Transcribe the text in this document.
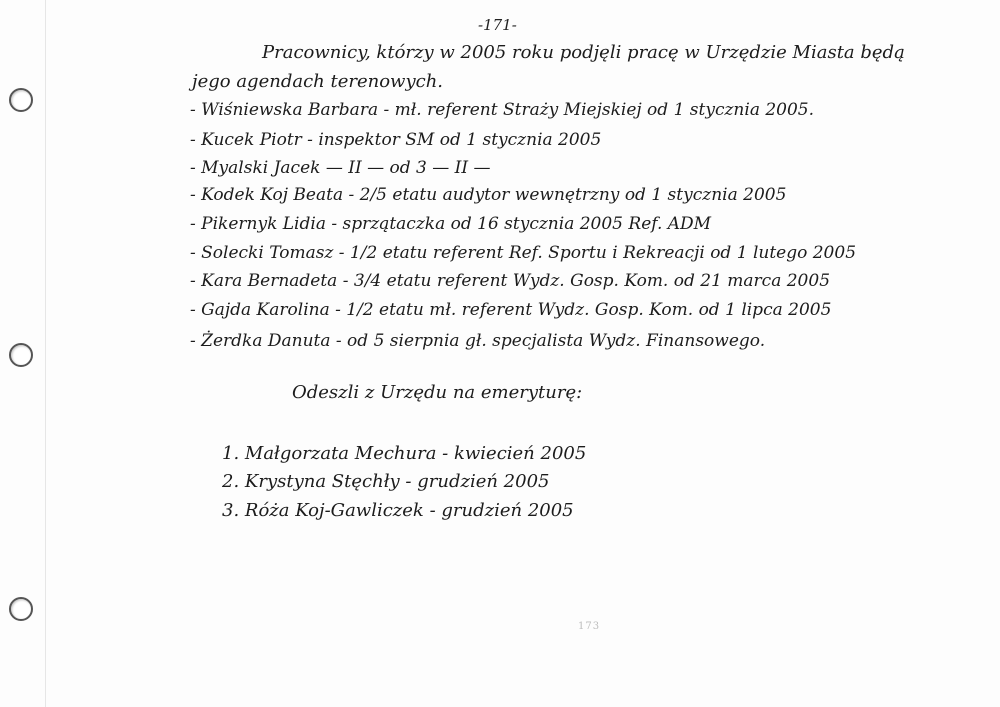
-171-
Pracownicy, którzy w 2005 roku podjęli pracę w Urzędzie Miasta będą
jego agendach terenowych.
- Wiśniewska Barbara - mł. referent Straży Miejskiej od 1 stycznia 2005.
- Kucek Piotr - inspektor SM od 1 stycznia 2005
- Myalski Jacek — II — od 3 — II —
- Kodek Koj Beata - 2/5 etatu audytor wewnętrzny od 1 stycznia 2005
- Pikernyk Lidia - sprzątaczka od 16 stycznia 2005 Ref. ADM
- Solecki Tomasz - 1/2 etatu referent Ref. Sportu i Rekreacji od 1 lutego 2005
- Kara Bernadeta - 3/4 etatu referent Wydz. Gosp. Kom. od 21 marca 2005
- Gajda Karolina - 1/2 etatu mł. referent Wydz. Gosp. Kom. od 1 lipca 2005
- Żerdka Danuta - od 5 sierpnia gł. specjalista Wydz. Finansowego.
Odeszli z Urzędu na emeryturę:
1. Małgorzata Mechura - kwiecień 2005
2. Krystyna Stęchły - grudzień 2005
3. Róża Koj-Gawliczek - grudzień 2005
173
